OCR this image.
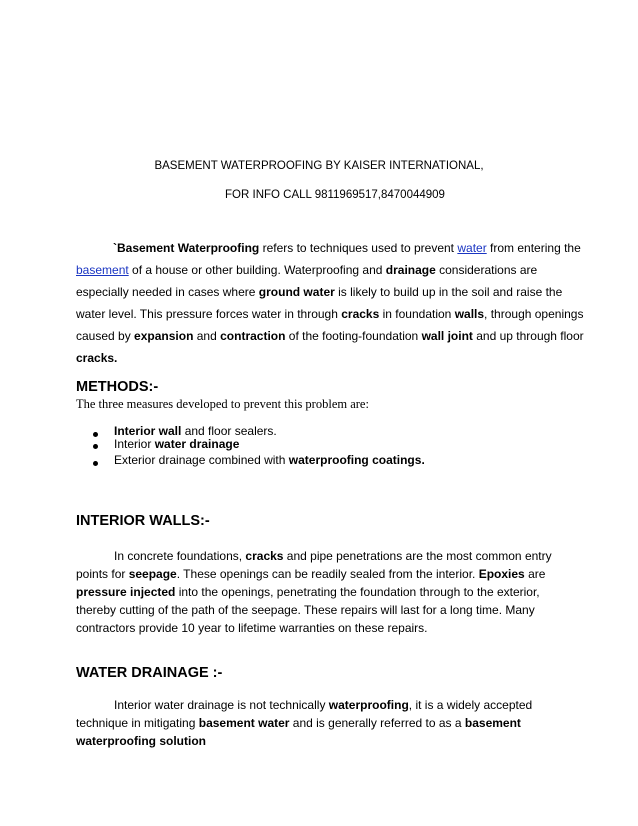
BASEMENT WATERPROOFING BY KAISER INTERNATIONAL,
FOR INFO CALL 9811969517,8470044909
`Basement Waterproofing refers to techniques used to prevent water from entering the
basement of a house or other building. Waterproofing and drainage considerations are
especially needed in cases where ground water is likely to build up in the soil and raise the
water level. This pressure forces water in through cracks in foundation walls, through openings
caused by expansion and contraction of the footing-foundation wall joint and up through floor
cracks.
METHODS:-
The three measures developed to prevent this problem are:
Interior wall and floor sealers.
Interior water drainage
Exterior drainage combined with waterproofing coatings.
INTERIOR WALLS:-
In concrete foundations, cracks and pipe penetrations are the most common entry
points for seepage. These openings can be readily sealed from the interior. Epoxies are
pressure injected into the openings, penetrating the foundation through to the exterior,
thereby cutting of the path of the seepage. These repairs will last for a long time. Many
contractors provide 10 year to lifetime warranties on these repairs.
WATER DRAINAGE :-
Interior water drainage is not technically waterproofing, it is a widely accepted
technique in mitigating basement water and is generally referred to as a basement
waterproofing solution
